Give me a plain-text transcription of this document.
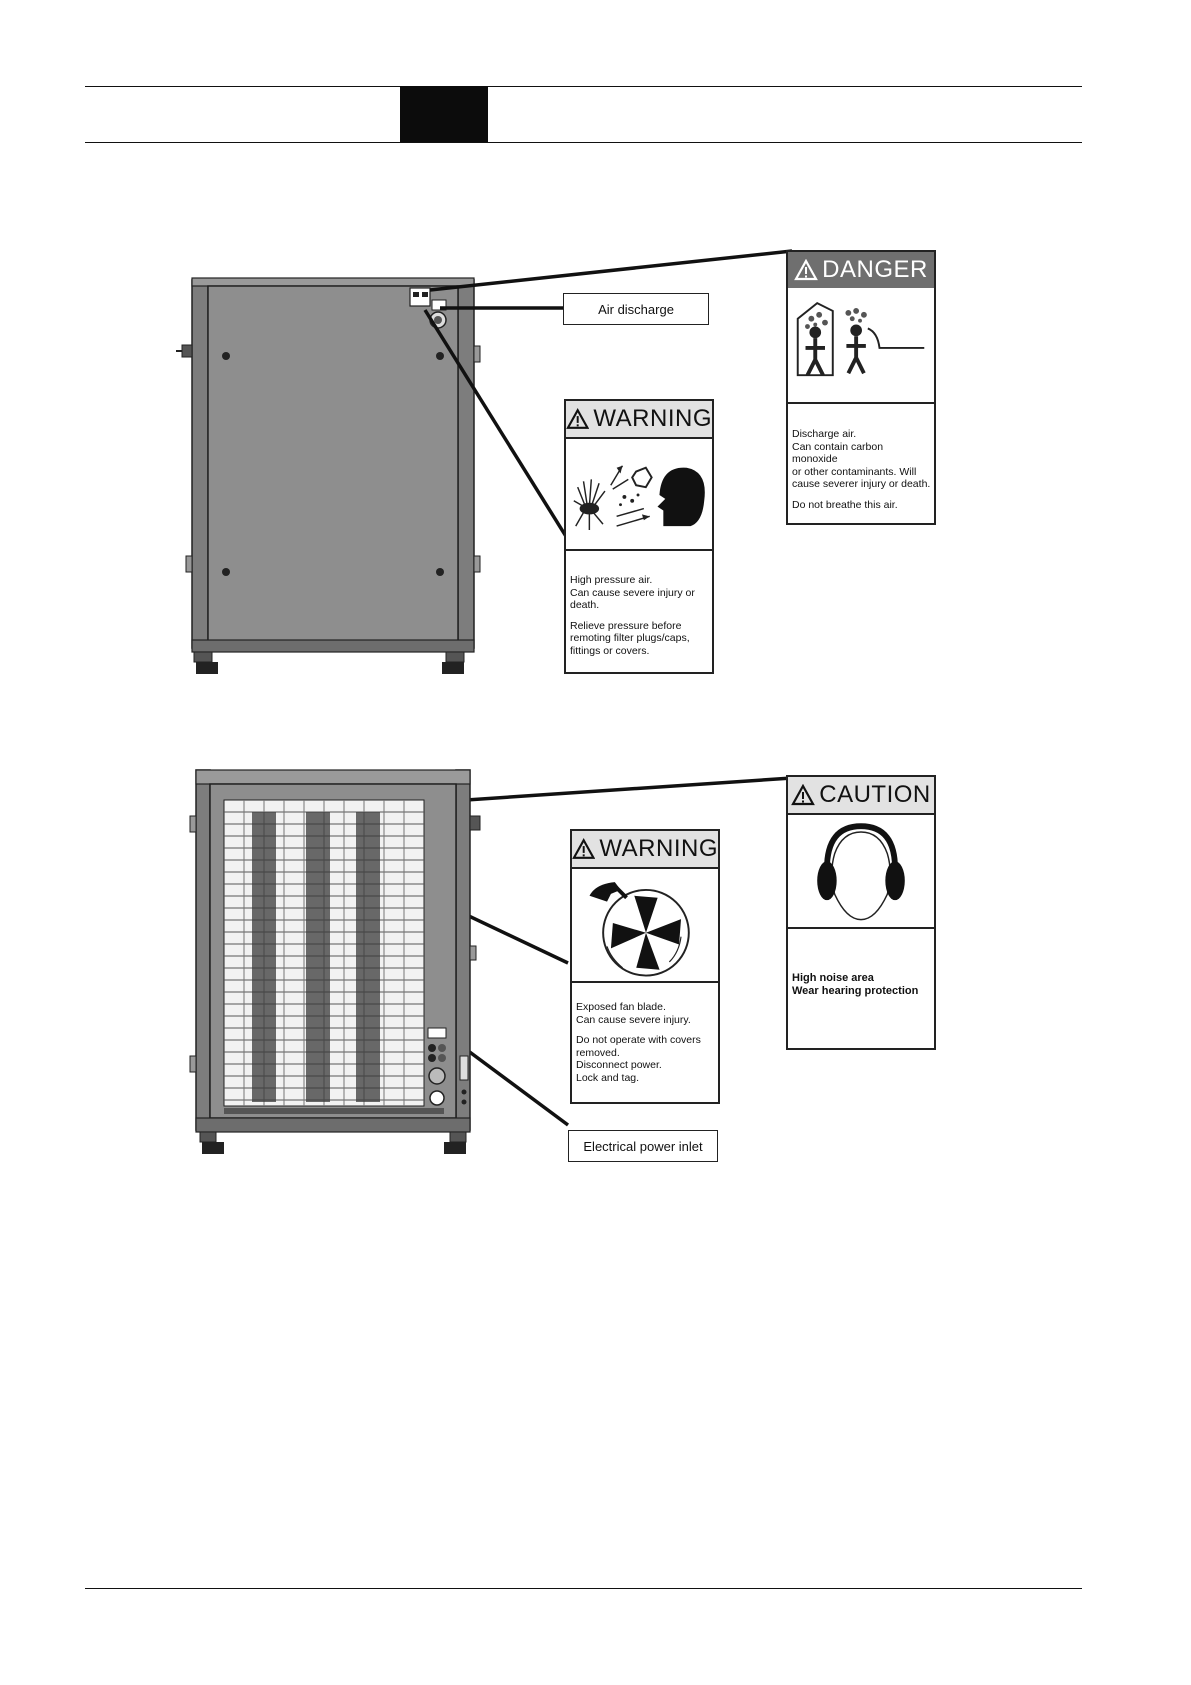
Air discharge
DANGER

Discharge air.
Can contain carbon monoxide
or other contaminants. Will
cause severer injury or death.

Do not breathe this air.

WARNING

High pressure air.
Can cause severe injury or
death.

Relieve pressure before
remoting filter plugs/caps,
fittings or covers.

CAUTION

High noise area
Wear hearing protection

WARNING

Exposed fan blade.
Can cause severe injury.

Do not operate with covers
removed.
Disconnect power.
Lock and tag.

Electrical power inlet
